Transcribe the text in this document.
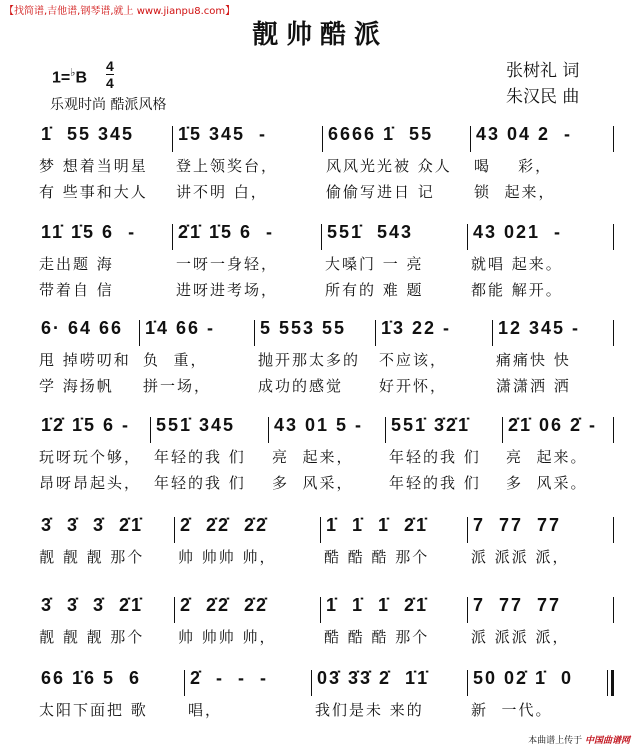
【找简谱,吉他谱,钢琴谱,就上 www.jianpu8.com】
靓帅酷派
1=♭B
4
4
乐观时尚 酷派风格
张树礼 词
朱汉民 曲
1̇  55 345
梦 想着当明星
有 些事和大人
1̇5 345  -
登上领奖台，
讲不明 白，
6666 1̇  55
风风光光被 众人
偷偷写进日 记
43 04 2  -
喝    彩，
锁  起来，
11̇ 1̇5 6  -
走出题 海
带着自 信
2̇1̇ 1̇5 6  -
一呀一身轻，
进呀进考场，
551̇  543
大嗓门 一 亮
所有的 难 题
43 021  -
就唱 起来。
都能 解开。
6· 64 66
甩 掉唠叨和
学 海扬帆
1̇4 66 -
负  重，
拼一场，
5 553 55
抛开那太多的
成功的感觉
1̇3 22 -
不应该，
好开怀，
12 345 -
痛痛快 快
潇潇洒 洒
1̇2̇ 1̇5 6 -
玩呀玩个够，
昂呀昂起头，
551̇ 345
年轻的我 们
年轻的我 们
43 01 5 -
亮  起来，
多  风采，
551̇ 3̇2̇1̇
年轻的我 们
年轻的我 们
2̇1̇ 06 2̇ -
亮  起来。
多  风采。
3̇  3̇  3̇  2̇1̇
靓 靓 靓 那个
2̇  2̇2̇  2̇2̇
帅 帅帅 帅，
1̇  1̇  1̇  2̇1̇
酷 酷 酷 那个
7  77  77
派 派派 派，
3̇  3̇  3̇  2̇1̇
靓 靓 靓 那个
2̇  2̇2̇  2̇2̇
帅 帅帅 帅，
1̇  1̇  1̇  2̇1̇
酷 酷 酷 那个
7  77  77
派 派派 派，
66 1̇6 5  6
太阳下面把 歌
2̇  -  -  -
唱，
03̇ 3̇3̇ 2̇  1̇1̇
我们是未 来的
50 02̇ 1̇  0
新  一代。
本曲谱上传于 中国曲谱网
